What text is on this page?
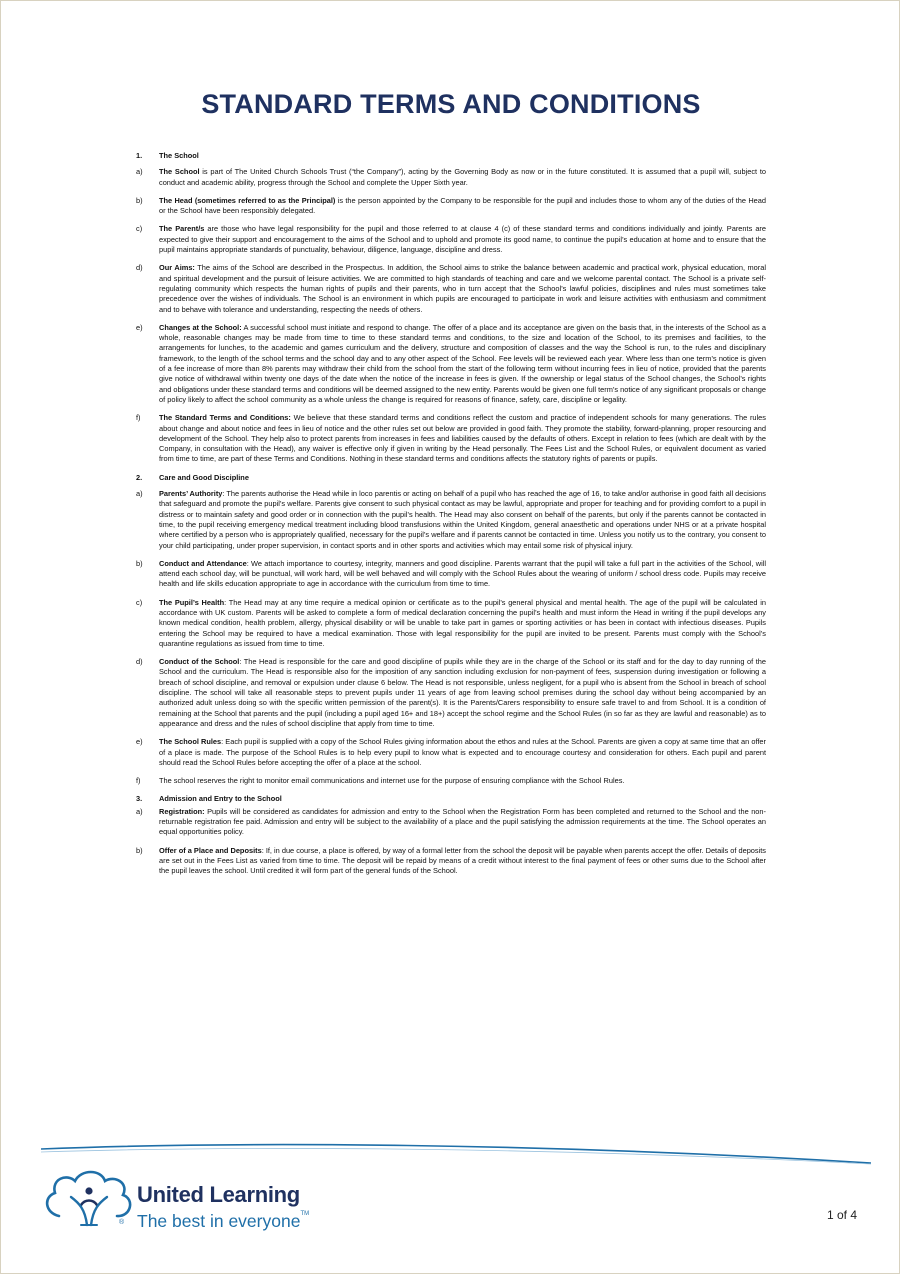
STANDARD TERMS AND CONDITIONS
1. The School
a) The School is part of The United Church Schools Trust (“the Company”), acting by the Governing Body as now or in the future constituted. It is assumed that a pupil will, subject to conduct and academic ability, progress through the School and complete the Upper Sixth year.
b) The Head (sometimes referred to as the Principal) is the person appointed by the Company to be responsible for the pupil and includes those to whom any of the duties of the Head or the School have been responsibly delegated.
c) The Parent/s are those who have legal responsibility for the pupil and those referred to at clause 4 (c) of these standard terms and conditions individually and jointly. Parents are expected to give their support and encouragement to the aims of the School and to uphold and promote its good name, to continue the pupil’s education at home and to ensure that the pupil maintains appropriate standards of punctuality, behaviour, diligence, language, discipline and dress.
d) Our Aims: The aims of the School are described in the Prospectus. In addition, the School aims to strike the balance between academic and practical work, physical education, moral and spiritual development and the pursuit of leisure activities. We are committed to high standards of teaching and care and we welcome parental contact. The School is a private self-regulating community which respects the human rights of pupils and their parents, who in turn accept that the School’s lawful policies, disciplines and rules must sometimes take precedence over the wishes of individuals. The School is an environment in which pupils are encouraged to participate in work and leisure activities with enthusiasm and commitment and to behave with tolerance and understanding, respecting the needs of others.
e) Changes at the School: A successful school must initiate and respond to change. The offer of a place and its acceptance are given on the basis that, in the interests of the School as a whole, reasonable changes may be made from time to time to these standard terms and conditions, to the size and location of the School, to its premises and facilities, to the arrangements for lunches, to the academic and games curriculum and the delivery, structure and composition of classes and the way the School is run, to the rules and disciplinary framework, to the length of the school terms and the school day and to any other aspect of the School. Fee levels will be reviewed each year. Where less than one term’s notice is given of a fee increase of more than 8% parents may withdraw their child from the school from the start of the following term without incurring fees in lieu of notice, provided that the parents give notice of withdrawal within twenty one days of the date when the notice of the increase in fees is given. If the ownership or legal status of the School changes, the School’s rights and obligations under these standard terms and conditions will be deemed assigned to the new entity. Parents would be given one full term’s notice of any significant proposals or change of policy likely to affect the school community as a whole unless the change is required for reasons of finance, safety, care, discipline or legality.
f) The Standard Terms and Conditions: We believe that these standard terms and conditions reflect the custom and practice of independent schools for many generations. The rules about change and about notice and fees in lieu of notice and the other rules set out below are provided in good faith. They promote the stability, forward-planning, proper resourcing and development of the School. They help also to protect parents from increases in fees and liabilities caused by the defaults of others. Except in relation to fees (which are dealt with by the Company, in consultation with the Head), any waiver is effective only if given in writing by the Head personally. The Fees List and the School Rules, or equivalent document as varied from time to time, are part of these Terms and Conditions. Nothing in these standard terms and conditions affects the statutory rights of parents or pupils.
2. Care and Good Discipline
a) Parents’ Authority: The parents authorise the Head while in loco parentis or acting on behalf of a pupil who has reached the age of 16, to take and/or authorise in good faith all decisions that safeguard and promote the pupil’s welfare. Parents give consent to such physical contact as may be lawful, appropriate and proper for teaching and for providing comfort to a pupil in distress or to maintain safety and good order or in connection with the pupil’s health. The Head may also consent on behalf of the parents, but only if the parents cannot be contacted in time, to the pupil receiving emergency medical treatment including blood transfusions within the United Kingdom, general anaesthetic and operations under NHS or at a private hospital where certified by a person who is appropriately qualified, necessary for the pupil’s welfare and if parents cannot be contacted in time. Unless you notify us to the contrary, you consent to your child participating, under proper supervision, in contact sports and in other sports and activities which may entail some risk of physical injury.
b) Conduct and Attendance: We attach importance to courtesy, integrity, manners and good discipline. Parents warrant that the pupil will take a full part in the activities of the School, will attend each school day, will be punctual, will work hard, will be well behaved and will comply with the School Rules about the wearing of uniform / school dress code. Pupils may receive health and life skills education appropriate to age in accordance with the curriculum from time to time.
c) The Pupil’s Health: The Head may at any time require a medical opinion or certificate as to the pupil’s general physical and mental health. The age of the pupil will be calculated in accordance with UK custom. Parents will be asked to complete a form of medical declaration concerning the pupil’s health and must inform the Head in writing if the pupil develops any known medical condition, health problem, allergy, physical disability or will be unable to take part in games or sporting activities or has been in contact with infectious diseases. Pupils entering the School may be required to have a medical examination. Those with legal responsibility for the pupil are invited to be present. Parents must comply with the School’s quarantine regulations as issued from time to time.
d) Conduct of the School: The Head is responsible for the care and good discipline of pupils while they are in the charge of the School or its staff and for the day to day running of the School and the curriculum. The Head is responsible also for the imposition of any sanction including exclusion for non-payment of fees, suspension during investigation or following a breach of school discipline, and removal or expulsion under clause 6 below. The Head is not responsible, unless negligent, for a pupil who is absent from the School in breach of school discipline. The school will take all reasonable steps to prevent pupils under 11 years of age from leaving school premises during the school day without being accompanied by an authorized adult unless doing so with the specific written permission of the parent(s). It is the Parents/Carers responsibility to ensure safe travel to and from School. It is a condition of remaining at the School that parents and the pupil (including a pupil aged 16+ and 18+) accept the school regime and the School Rules (in so far as they are lawful and reasonable) as to appearance and dress and the rules of school discipline that apply from time to time.
e) The School Rules: Each pupil is supplied with a copy of the School Rules giving information about the ethos and rules at the School. Parents are given a copy at same time that an offer of a place is made. The purpose of the School Rules is to help every pupil to know what is expected and to encourage courtesy and consideration for others. Each pupil and parent should read the School Rules before accepting the offer of a place at the school.
f) The school reserves the right to monitor email communications and internet use for the purpose of ensuring compliance with the School Rules.
3. Admission and Entry to the School
a) Registration: Pupils will be considered as candidates for admission and entry to the School when the Registration Form has been completed and returned to the School and the non-returnable registration fee paid. Admission and entry will be subject to the availability of a place and the pupil satisfying the admission requirements at the time. The School operates an equal opportunities policy.
b) Offer of a Place and Deposits: If, in due course, a place is offered, by way of a formal letter from the school the deposit will be payable when parents accept the offer. Details of deposits are set out in the Fees List as varied from time to time. The deposit will be repaid by means of a credit without interest to the final payment of fees or other sums due to the School after the pupil leaves the school. Until credited it will form part of the general funds of the School.
®
United Learning
The best in everyone™	1 of 4
